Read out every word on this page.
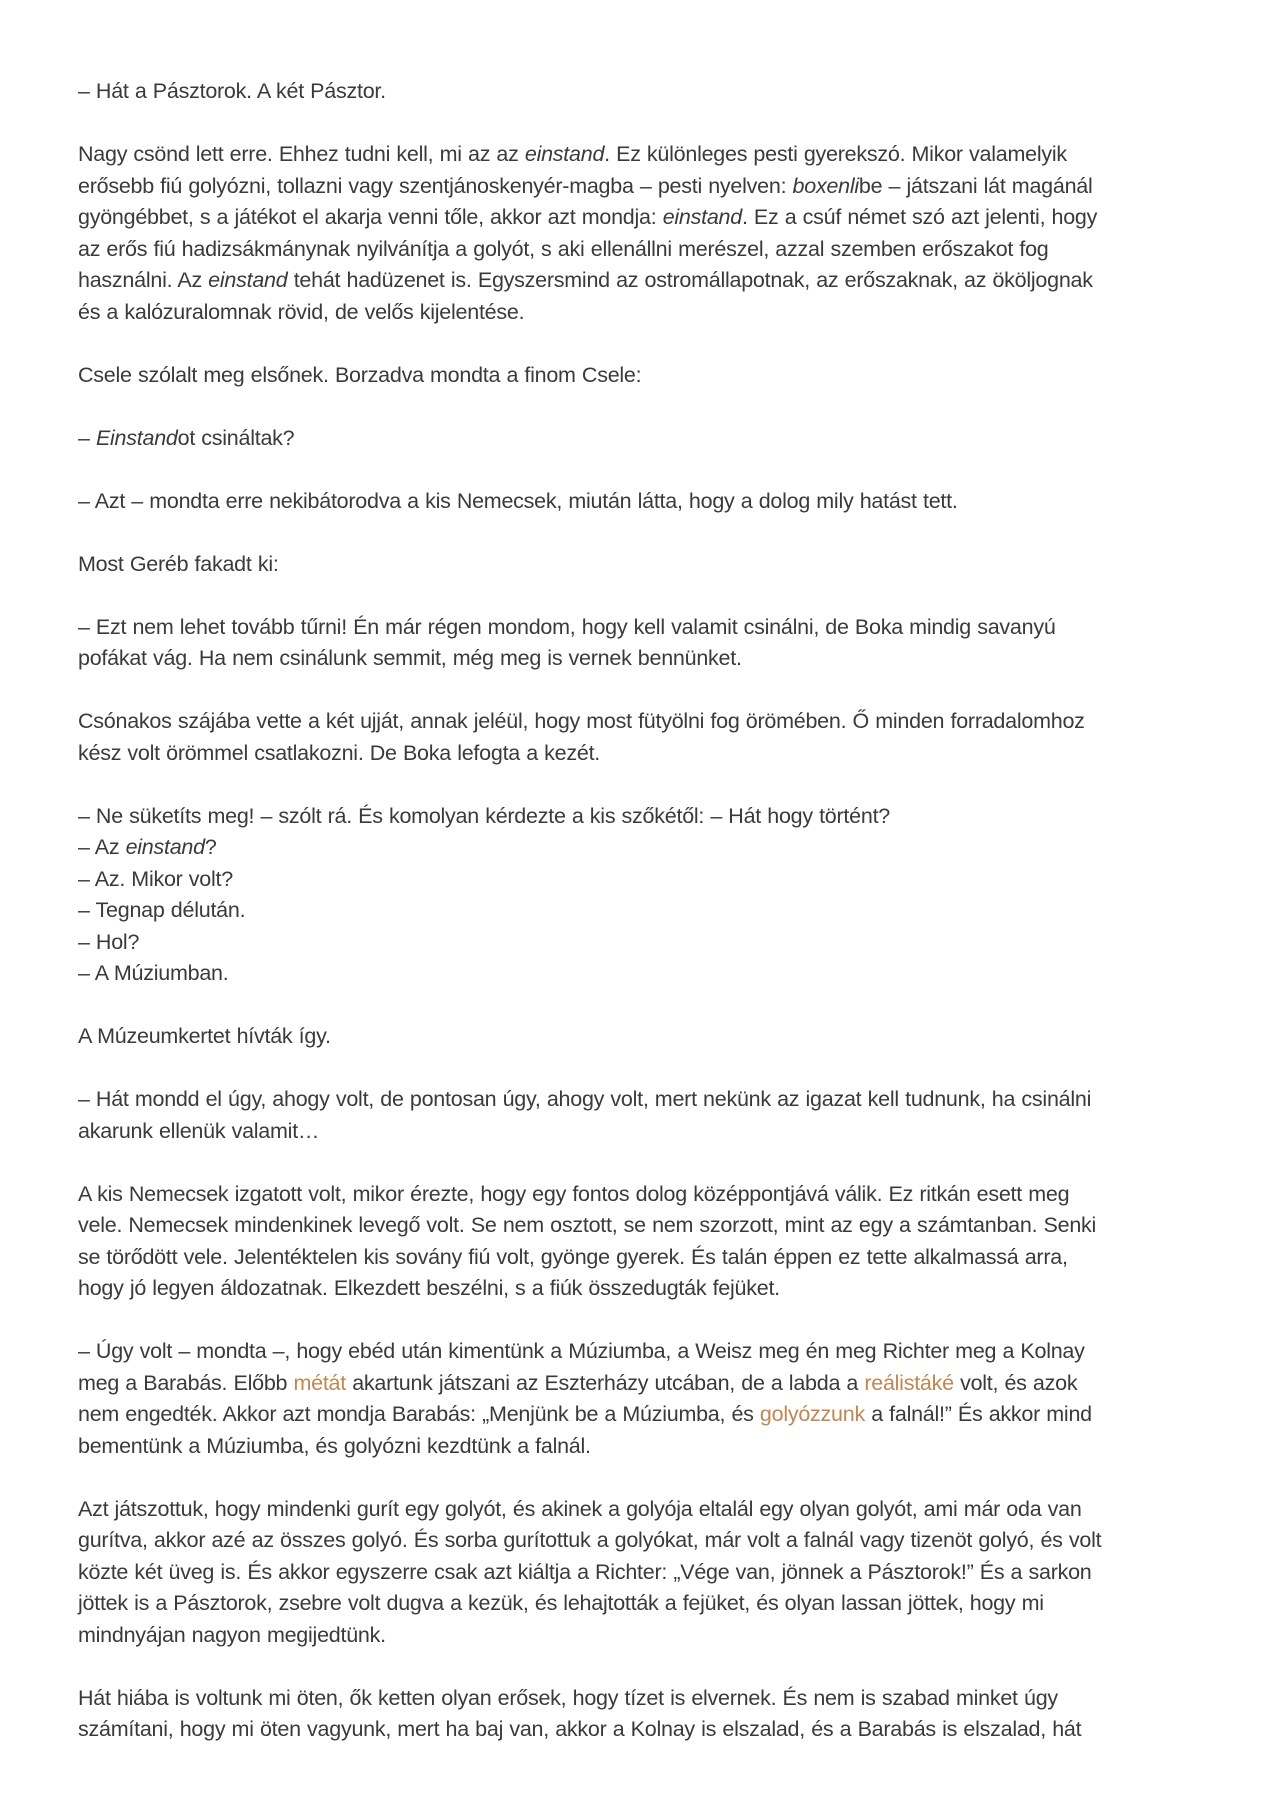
– Hát a Pásztorok. A két Pásztor.
Nagy csönd lett erre. Ehhez tudni kell, mi az az einstand. Ez különleges pesti gyerekszó. Mikor valamelyik
erősebb fiú golyózni, tollazni vagy szentjánoskenyér-magba – pesti nyelven: boxenlibe – játszani lát magánál
gyöngébbet, s a játékot el akarja venni tőle, akkor azt mondja: einstand. Ez a csúf német szó azt jelenti, hogy
az erős fiú hadizsákmánynak nyilvánítja a golyót, s aki ellenállni merészel, azzal szemben erőszakot fog
használni. Az einstand tehát hadüzenet is. Egyszersmind az ostromállapotnak, az erőszaknak, az ököljognak
és a kalózuralomnak rövid, de velős kijelentése.
Csele szólalt meg elsőnek. Borzadva mondta a finom Csele:
– Einstandot csináltak?
– Azt – mondta erre nekibátorodva a kis Nemecsek, miután látta, hogy a dolog mily hatást tett.
Most Geréb fakadt ki:
– Ezt nem lehet tovább tűrni! Én már régen mondom, hogy kell valamit csinálni, de Boka mindig savanyú
pofákat vág. Ha nem csinálunk semmit, még meg is vernek bennünket.
Csónakos szájába vette a két ujját, annak jeléül, hogy most fütyölni fog örömében. Ő minden forradalomhoz
kész volt örömmel csatlakozni. De Boka lefogta a kezét.
– Ne süketíts meg! – szólt rá. És komolyan kérdezte a kis szőkétől: – Hát hogy történt?
– Az einstand?
– Az. Mikor volt?
– Tegnap délután.
– Hol?
– A Múziumban.
A Múzeumkertet hívták így.
– Hát mondd el úgy, ahogy volt, de pontosan úgy, ahogy volt, mert nekünk az igazat kell tudnunk, ha csinálni
akarunk ellenük valamit…
A kis Nemecsek izgatott volt, mikor érezte, hogy egy fontos dolog középpontjává válik. Ez ritkán esett meg
vele. Nemecsek mindenkinek levegő volt. Se nem osztott, se nem szorzott, mint az egy a számtanban. Senki
se törődött vele. Jelentéktelen kis sovány fiú volt, gyönge gyerek. És talán éppen ez tette alkalmassá arra,
hogy jó legyen áldozatnak. Elkezdett beszélni, s a fiúk összedugták fejüket.
– Úgy volt – mondta –, hogy ebéd után kimentünk a Múziumba, a Weisz meg én meg Richter meg a Kolnay
meg a Barabás. Előbb métát akartunk játszani az Eszterházy utcában, de a labda a reálistáké volt, és azok
nem engedték. Akkor azt mondja Barabás: „Menjünk be a Múziumba, és golyózzunk a falnál!” És akkor mind
bementünk a Múziumba, és golyózni kezdtünk a falnál.
Azt játszottuk, hogy mindenki gurít egy golyót, és akinek a golyója eltalál egy olyan golyót, ami már oda van
gurítva, akkor azé az összes golyó. És sorba gurítottuk a golyókat, már volt a falnál vagy tizenöt golyó, és volt
közte két üveg is. És akkor egyszerre csak azt kiáltja a Richter: „Vége van, jönnek a Pásztorok!” És a sarkon
jöttek is a Pásztorok, zsebre volt dugva a kezük, és lehajtották a fejüket, és olyan lassan jöttek, hogy mi
mindnyájan nagyon megijedtünk.
Hát hiába is voltunk mi öten, ők ketten olyan erősek, hogy tízet is elvernek. És nem is szabad minket úgy
számítani, hogy mi öten vagyunk, mert ha baj van, akkor a Kolnay is elszalad, és a Barabás is elszalad, hát
